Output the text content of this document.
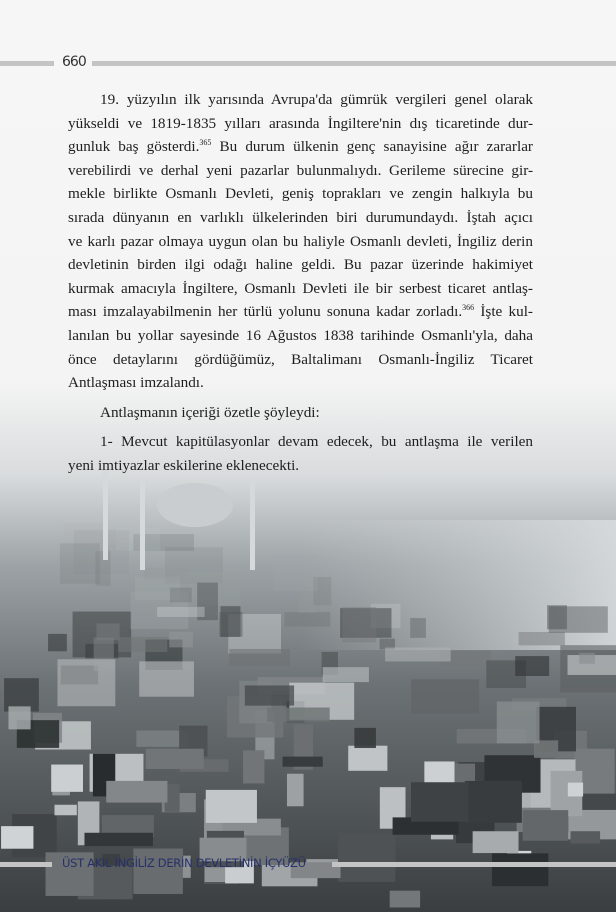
660
19. yüzyılın ilk yarısında Avrupa'da gümrük vergileri genel olarak
yükseldi ve 1819-1835 yılları arasında İngiltere'nin dış ticaretinde dur-
gunluk baş gösterdi.$^{365}$ Bu durum ülkenin genç sanayisine ağır zararlar
verebilirdi ve derhal yeni pazarlar bulunmalıydı. Gerileme sürecine gir-
mekle birlikte Osmanlı Devleti, geniş toprakları ve zengin halkıyla bu
sırada dünyanın en varlıklı ülkelerinden biri durumundaydı. İştah açıcı
ve karlı pazar olmaya uygun olan bu haliyle Osmanlı devleti, İngiliz derin
devletinin birden ilgi odağı haline geldi. Bu pazar üzerinde hakimiyet
kurmak amacıyla İngiltere, Osmanlı Devleti ile bir serbest ticaret antlaş-
ması imzalayabilmenin her türlü yolunu sonuna kadar zorladı.$^{366}$ İşte kul-
lanılan bu yollar sayesinde 16 Ağustos 1838 tarihinde Osmanlı'yla, daha
önce detaylarını gördüğümüz, Baltalimanı Osmanlı-İngiliz Ticaret
Antlaşması imzalandı.
Antlaşmanın içeriği özetle şöyleydi:
1- Mevcut kapitülasyonlar devam edecek, bu antlaşma ile verilen
yeni imtiyazlar eskilerine eklenecekti.
ÜST AKIL İNGİLİZ DERİN DEVLETİNİN İÇYÜZÜ
